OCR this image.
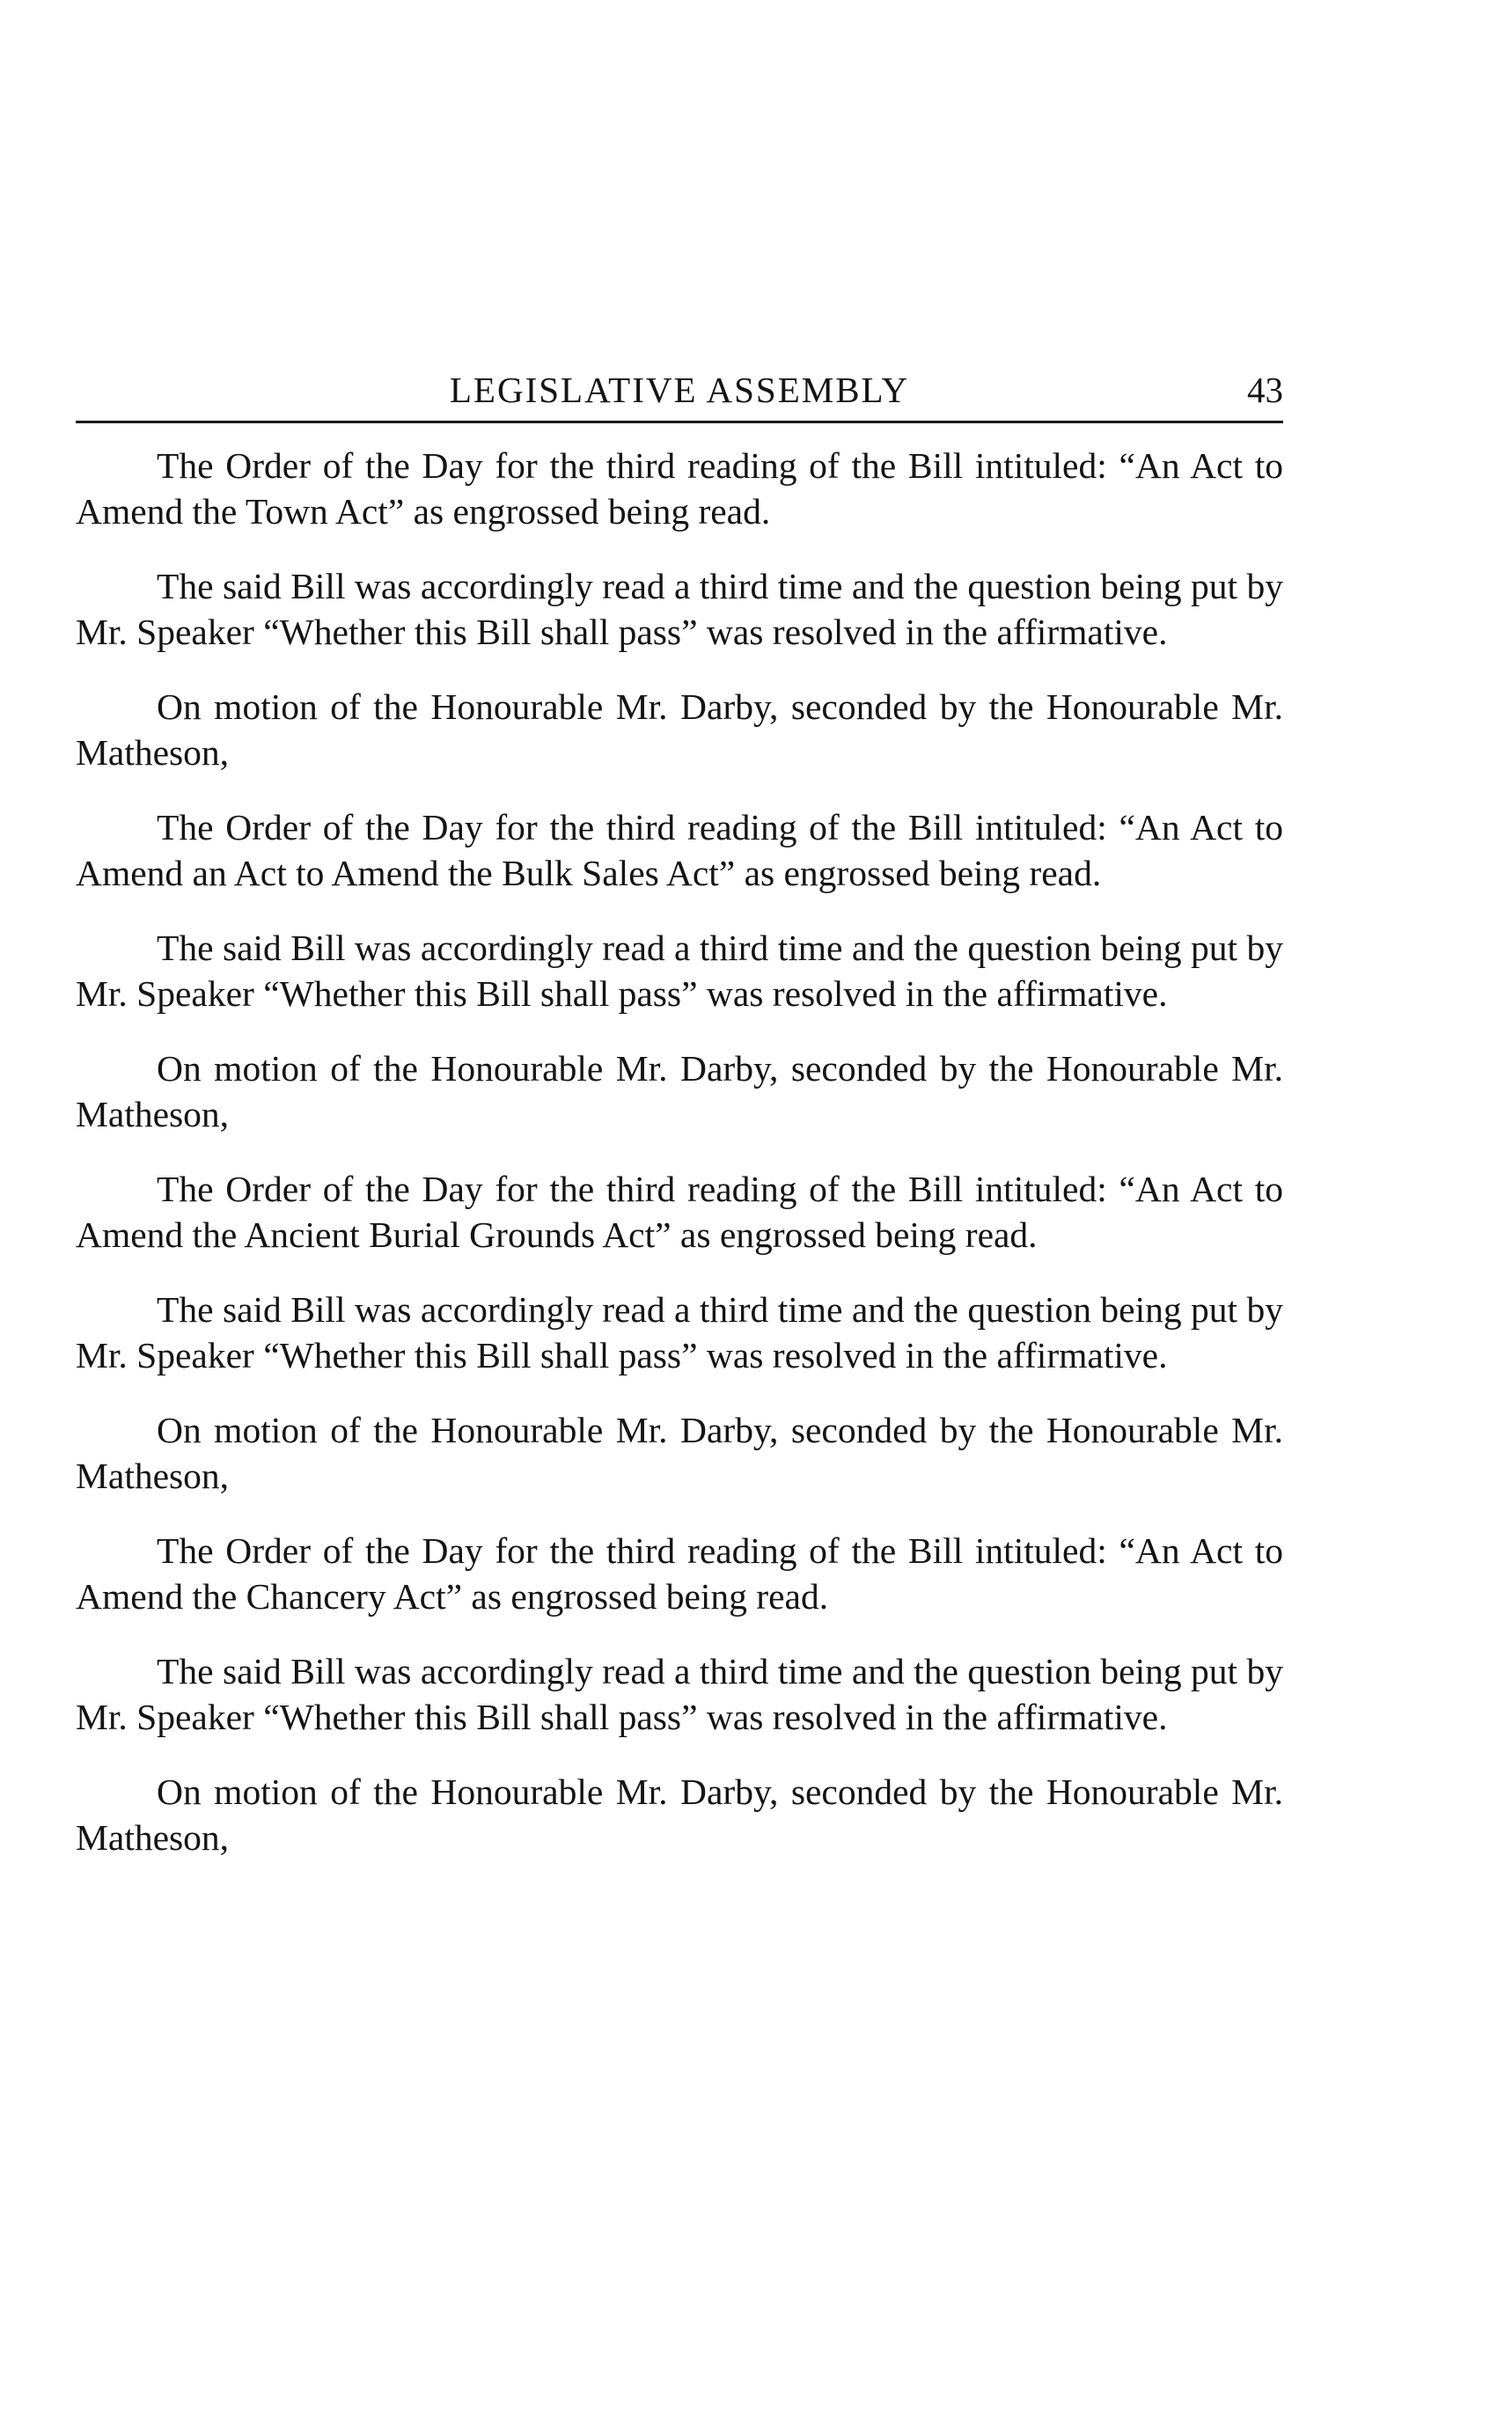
LEGISLATIVE ASSEMBLY	43

The Order of the Day for the third reading of the Bill intituled: “An Act to Amend the Town Act” as engrossed being read.

The said Bill was accordingly read a third time and the question being put by Mr. Speaker “Whether this Bill shall pass” was resolved in the affirmative.

On motion of the Honourable Mr. Darby, seconded by the Honourable Mr. Matheson,

The Order of the Day for the third reading of the Bill intituled: “An Act to Amend an Act to Amend the Bulk Sales Act” as engrossed being read.

The said Bill was accordingly read a third time and the question being put by Mr. Speaker “Whether this Bill shall pass” was resolved in the affirmative.

On motion of the Honourable Mr. Darby, seconded by the Honourable Mr. Matheson,

The Order of the Day for the third reading of the Bill intituled: “An Act to Amend the Ancient Burial Grounds Act” as engrossed being read.

The said Bill was accordingly read a third time and the question being put by Mr. Speaker “Whether this Bill shall pass” was resolved in the affirmative.

On motion of the Honourable Mr. Darby, seconded by the Honourable Mr. Matheson,

The Order of the Day for the third reading of the Bill intituled: “An Act to Amend the Chancery Act” as engrossed being read.

The said Bill was accordingly read a third time and the question being put by Mr. Speaker “Whether this Bill shall pass” was resolved in the affirmative.

On motion of the Honourable Mr. Darby, seconded by the Honourable Mr. Matheson,
